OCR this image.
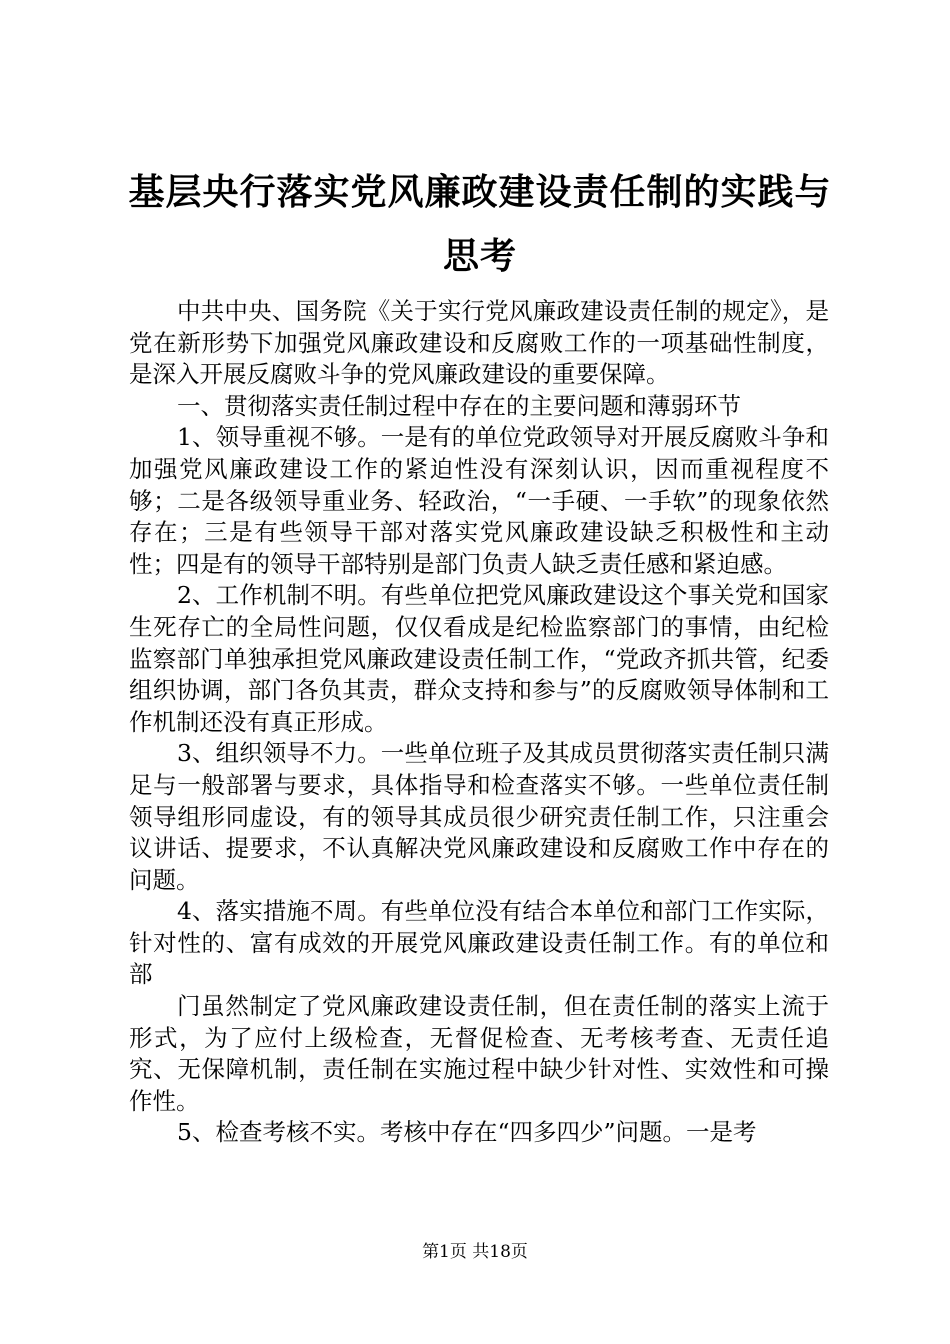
基层央行落实党风廉政建设责任制的实践与思考

中共中央、国务院《关于实行党风廉政建设责任制的规定》，是党在新形势下加强党风廉政建设和反腐败工作的一项基础性制度，是深入开展反腐败斗争的党风廉政建设的重要保障。

一、贯彻落实责任制过程中存在的主要问题和薄弱环节

1、领导重视不够。一是有的单位党政领导对开展反腐败斗争和加强党风廉政建设工作的紧迫性没有深刻认识，因而重视程度不够；二是各级领导重业务、轻政治，“一手硬、一手软”的现象依然存在；三是有些领导干部对落实党风廉政建设缺乏积极性和主动性；四是有的领导干部特别是部门负责人缺乏责任感和紧迫感。

2、工作机制不明。有些单位把党风廉政建设这个事关党和国家生死存亡的全局性问题，仅仅看成是纪检监察部门的事情，由纪检监察部门单独承担党风廉政建设责任制工作，“党政齐抓共管，纪委组织协调，部门各负其责，群众支持和参与”的反腐败领导体制和工作机制还没有真正形成。

3、组织领导不力。一些单位班子及其成员贯彻落实责任制只满足与一般部署与要求，具体指导和检查落实不够。一些单位责任制领导组形同虚设，有的领导其成员很少研究责任制工作，只注重会议讲话、提要求，不认真解决党风廉政建设和反腐败工作中存在的问题。

4、落实措施不周。有些单位没有结合本单位和部门工作实际，针对性的、富有成效的开展党风廉政建设责任制工作。有的单位和部

门虽然制定了党风廉政建设责任制，但在责任制的落实上流于形式，为了应付上级检查，无督促检查、无考核考查、无责任追究、无保障机制，责任制在实施过程中缺少针对性、实效性和可操作性。

5、检查考核不实。考核中存在“四多四少”问题。一是考

第1页 共18页
